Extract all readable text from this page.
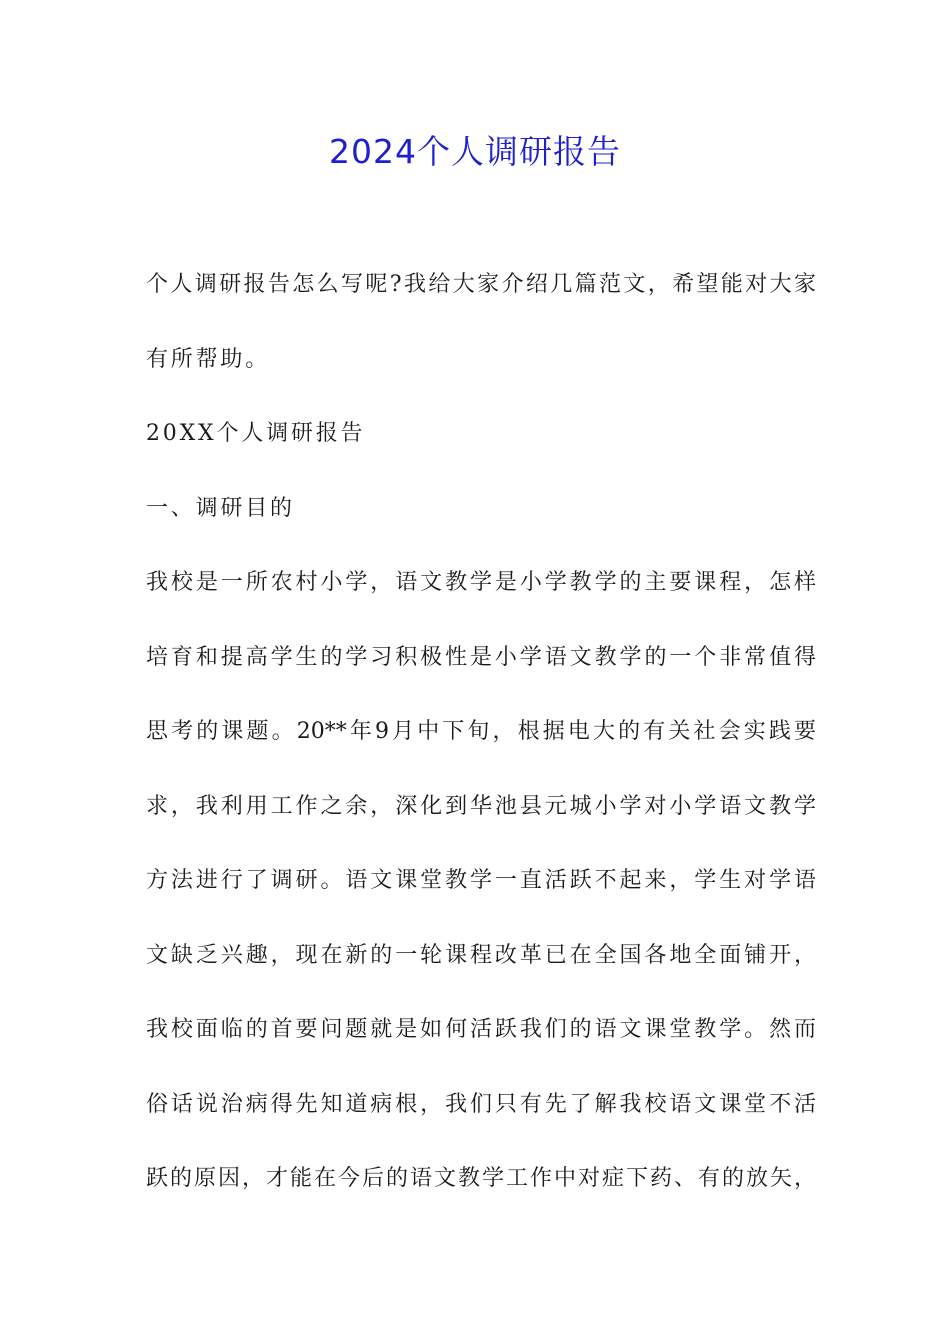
2024个人调研报告
个人调研报告怎么写呢?我给大家介绍几篇范文，希望能对大家
有所帮助。
20XX个人调研报告
一、调研目的
我校是一所农村小学，语文教学是小学教学的主要课程，怎样
培育和提高学生的学习积极性是小学语文教学的一个非常值得
思考的课题。20**年9月中下旬，根据电大的有关社会实践要
求，我利用工作之余，深化到华池县元城小学对小学语文教学
方法进行了调研。语文课堂教学一直活跃不起来，学生对学语
文缺乏兴趣，现在新的一轮课程改革已在全国各地全面铺开，
我校面临的首要问题就是如何活跃我们的语文课堂教学。然而
俗话说治病得先知道病根，我们只有先了解我校语文课堂不活
跃的原因，才能在今后的语文教学工作中对症下药、有的放矢，
